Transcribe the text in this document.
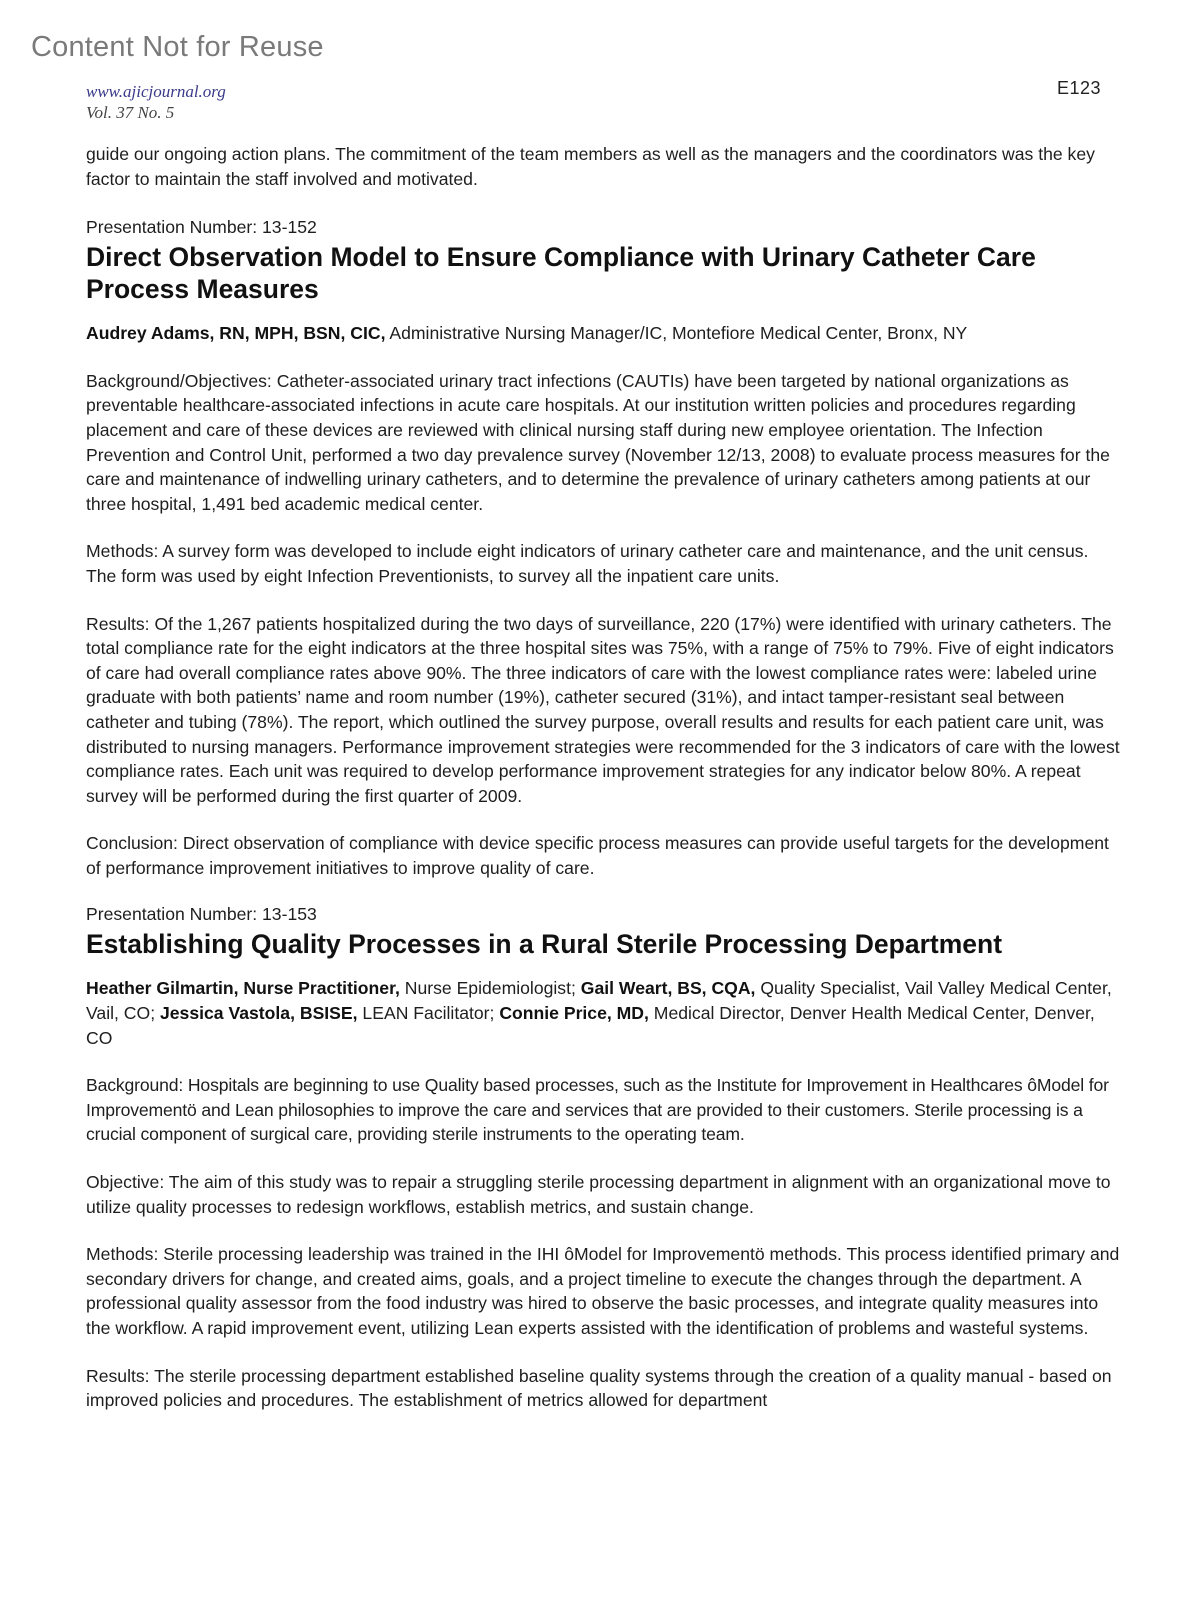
Content Not for Reuse
www.ajicjournal.org
Vol. 37 No. 5
E123

guide our ongoing action plans. The commitment of the team members as well as the managers and the coordinators was the key factor to maintain the staff involved and motivated.

Presentation Number: 13-152
Direct Observation Model to Ensure Compliance with Urinary Catheter Care Process Measures

Audrey Adams, RN, MPH, BSN, CIC, Administrative Nursing Manager/IC, Montefiore Medical Center, Bronx, NY

Background/Objectives: Catheter-associated urinary tract infections (CAUTIs) have been targeted by national organizations as preventable healthcare-associated infections in acute care hospitals. At our institution written policies and procedures regarding placement and care of these devices are reviewed with clinical nursing staff during new employee orientation. The Infection Prevention and Control Unit, performed a two day prevalence survey (November 12/13, 2008) to evaluate process measures for the care and maintenance of indwelling urinary catheters, and to determine the prevalence of urinary catheters among patients at our three hospital, 1,491 bed academic medical center.

Methods: A survey form was developed to include eight indicators of urinary catheter care and maintenance, and the unit census. The form was used by eight Infection Preventionists, to survey all the inpatient care units.

Results: Of the 1,267 patients hospitalized during the two days of surveillance, 220 (17%) were identified with urinary catheters. The total compliance rate for the eight indicators at the three hospital sites was 75%, with a range of 75% to 79%. Five of eight indicators of care had overall compliance rates above 90%. The three indicators of care with the lowest compliance rates were: labeled urine graduate with both patients’ name and room number (19%), catheter secured (31%), and intact tamper-resistant seal between catheter and tubing (78%). The report, which outlined the survey purpose, overall results and results for each patient care unit, was distributed to nursing managers. Performance improvement strategies were recommended for the 3 indicators of care with the lowest compliance rates. Each unit was required to develop performance improvement strategies for any indicator below 80%. A repeat survey will be performed during the first quarter of 2009.

Conclusion: Direct observation of compliance with device specific process measures can provide useful targets for the development of performance improvement initiatives to improve quality of care.

Presentation Number: 13-153
Establishing Quality Processes in a Rural Sterile Processing Department

Heather Gilmartin, Nurse Practitioner, Nurse Epidemiologist; Gail Weart, BS, CQA, Quality Specialist, Vail Valley Medical Center, Vail, CO; Jessica Vastola, BSISE, LEAN Facilitator; Connie Price, MD, Medical Director, Denver Health Medical Center, Denver, CO

Background: Hospitals are beginning to use Quality based processes, such as the Institute for Improvement in Healthcares ôModel for Improvementö and Lean philosophies to improve the care and services that are provided to their customers. Sterile processing is a crucial component of surgical care, providing sterile instruments to the operating team.

Objective: The aim of this study was to repair a struggling sterile processing department in alignment with an organizational move to utilize quality processes to redesign workflows, establish metrics, and sustain change.

Methods: Sterile processing leadership was trained in the IHI ôModel for Improvementö methods. This process identified primary and secondary drivers for change, and created aims, goals, and a project timeline to execute the changes through the department. A professional quality assessor from the food industry was hired to observe the basic processes, and integrate quality measures into the workflow. A rapid improvement event, utilizing Lean experts assisted with the identification of problems and wasteful systems.

Results: The sterile processing department established baseline quality systems through the creation of a quality manual - based on improved policies and procedures. The establishment of metrics allowed for department
